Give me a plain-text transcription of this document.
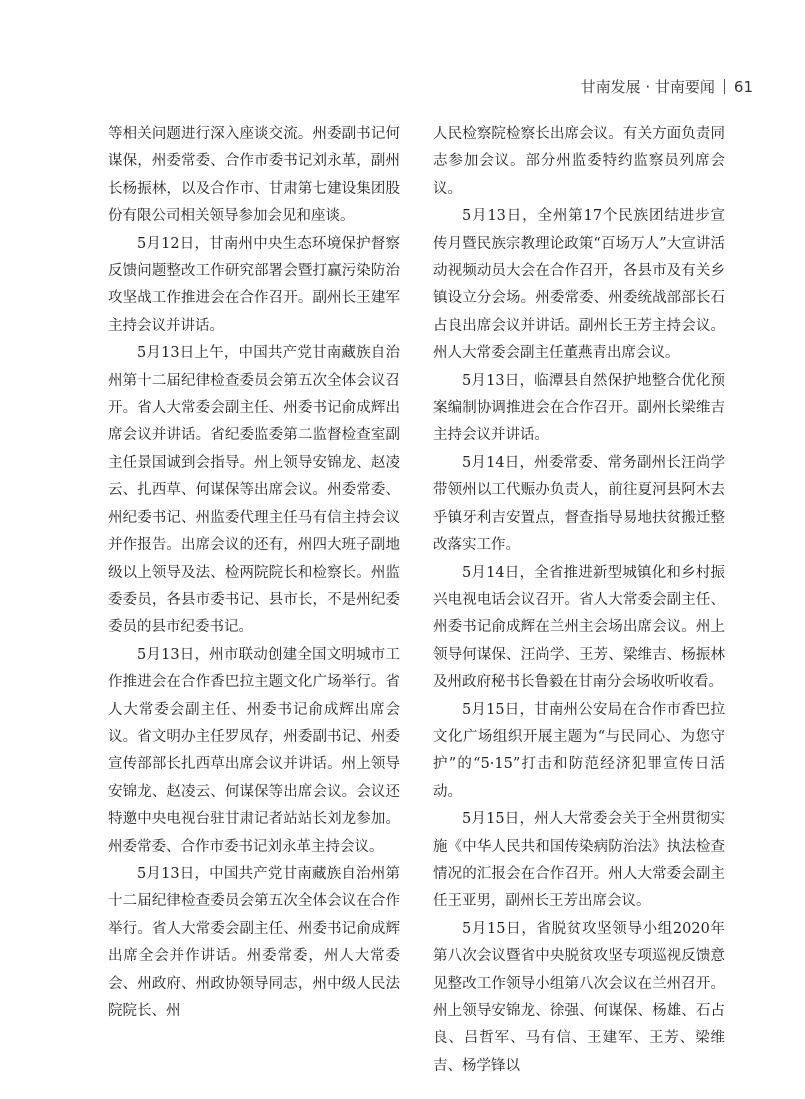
甘南发展 · 甘南要闻 61

等相关问题进行深入座谈交流。州委副书记何谋保，州委常委、合作市委书记刘永革，副州长杨振林，以及合作市、甘肃第七建设集团股份有限公司相关领导参加会见和座谈。

5月12日，甘南州中央生态环境保护督察反馈问题整改工作研究部署会暨打赢污染防治攻坚战工作推进会在合作召开。副州长王建军主持会议并讲话。

5月13日上午，中国共产党甘南藏族自治州第十二届纪律检查委员会第五次全体会议召开。省人大常委会副主任、州委书记俞成辉出席会议并讲话。省纪委监委第二监督检查室副主任景国诚到会指导。州上领导安锦龙、赵凌云、扎西草、何谋保等出席会议。州委常委、州纪委书记、州监委代理主任马有信主持会议并作报告。出席会议的还有，州四大班子副地级以上领导及法、检两院院长和检察长。州监委委员，各县市委书记、县市长，不是州纪委委员的县市纪委书记。

5月13日，州市联动创建全国文明城市工作推进会在合作香巴拉主题文化广场举行。省人大常委会副主任、州委书记俞成辉出席会议。省文明办主任罗凤存，州委副书记、州委宣传部部长扎西草出席会议并讲话。州上领导安锦龙、赵凌云、何谋保等出席会议。会议还特邀中央电视台驻甘肃记者站站长刘龙参加。州委常委、合作市委书记刘永革主持会议。

5月13日，中国共产党甘南藏族自治州第十二届纪律检查委员会第五次全体会议在合作举行。省人大常委会副主任、州委书记俞成辉出席全会并作讲话。州委常委，州人大常委会、州政府、州政协领导同志，州中级人民法院院长、州

人民检察院检察长出席会议。有关方面负责同志参加会议。部分州监委特约监察员列席会议。

5月13日，全州第17个民族团结进步宣传月暨民族宗教理论政策“百场万人”大宣讲活动视频动员大会在合作召开，各县市及有关乡镇设立分会场。州委常委、州委统战部部长石占良出席会议并讲话。副州长王芳主持会议。州人大常委会副主任董燕青出席会议。

5月13日，临潭县自然保护地整合优化预案编制协调推进会在合作召开。副州长梁维吉主持会议并讲话。

5月14日，州委常委、常务副州长汪尚学带领州以工代赈办负责人，前往夏河县阿木去乎镇牙利吉安置点，督查指导易地扶贫搬迁整改落实工作。

5月14日，全省推进新型城镇化和乡村振兴电视电话会议召开。省人大常委会副主任、州委书记俞成辉在兰州主会场出席会议。州上领导何谋保、汪尚学、王芳、梁维吉、杨振林及州政府秘书长鲁毅在甘南分会场收听收看。

5月15日，甘南州公安局在合作市香巴拉文化广场组织开展主题为“与民同心、为您守护”的“5·15”打击和防范经济犯罪宣传日活动。

5月15日，州人大常委会关于全州贯彻实施《中华人民共和国传染病防治法》执法检查情况的汇报会在合作召开。州人大常委会副主任王亚男，副州长王芳出席会议。

5月15日，省脱贫攻坚领导小组2020年第八次会议暨省中央脱贫攻坚专项巡视反馈意见整改工作领导小组第八次会议在兰州召开。州上领导安锦龙、徐强、何谋保、杨雄、石占良、吕哲军、马有信、王建军、王芳、梁维吉、杨学锋以
